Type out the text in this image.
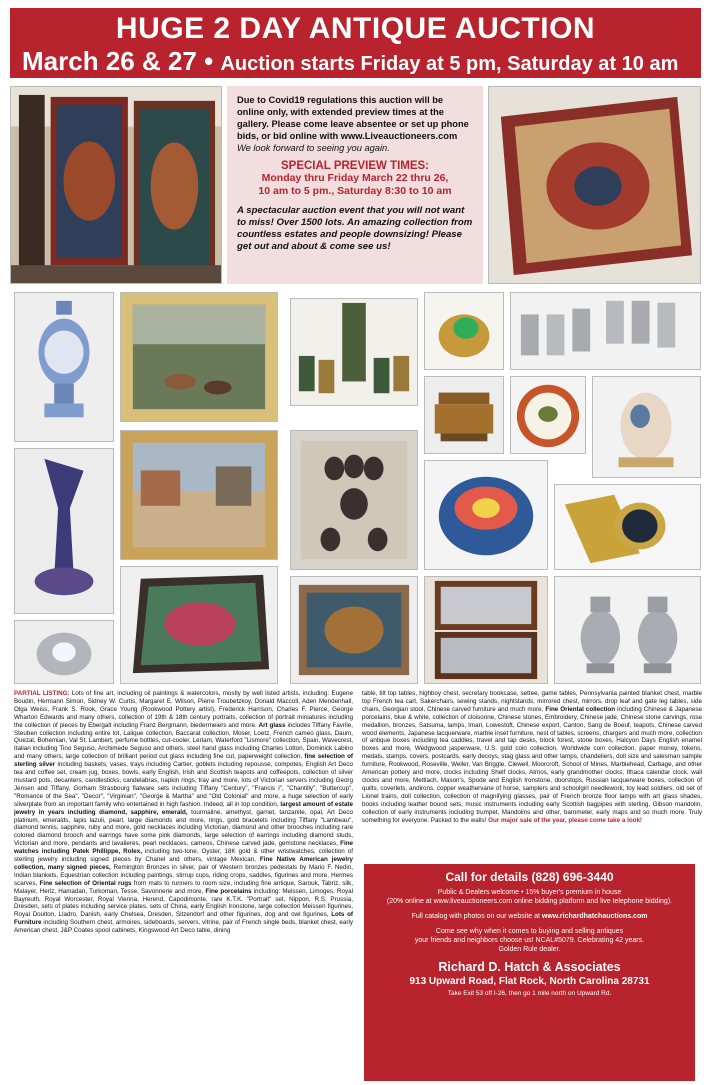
HUGE 2 DAY ANTIQUE AUCTION
March 26 & 27 • Auction starts Friday at 5 pm, Saturday at 10 am
Due to Covid19 regulations this auction will be online only, with extended preview times at the gallery. Please come leave absentee or set up phone bids, or bid online with www.Liveauctioneers.com
We look forward to seeing you again.
SPECIAL PREVIEW TIMES:
Monday thru Friday March 22 thru 26,
10 am to 5 pm., Saturday 8:30 to 10 am
A spectacular auction event that you will not want to miss! Over 1500 lots. An amazing collection from countless estates and people downsizing! Please get out and about & come see us!
PARTIAL LISTING: Lots of fine art, including oil paintings & watercolors, mostly by well listed artists, including: Eugene Boudin, Hermann Simon, Sidney W. Curtis, Margaret E. Wilson, Pierre Troubetzkoy, Donald Maccoll, Aden Mendenhall, Olga Weiss, Frank S. Rook, Grace Young (Rookwood Pottery artist), Frederick Harrison, Charles F. Pierce, George Wharton Edwards and many others, collection of 19th & 18th century portraits, collection of portrait miniatures including the collection of pieces by Ebergalt including Franz Bergmann, biedermeiers and more. Art glass includes Tiffany Favrile, Steuben collection including entire lot, Lalique collection, Baccarat collection, Moser, Loetz, French cameo glass, Daum, Quezal, Bohemian, Val St. Lambert, perfume bottles, cut-cooler, Lerlam, Waterford "Lismore" collection, Spain, Wavecrest, Italian including Tino Seguso, Archimede Seguso and others, steel hand glass including Charles Lotton, Dominick Labino and many others, large collection of brilliant period cut glass including fine cut, paperweight collection, fine selection of sterling silver including baskets, vases, trays including Cartier, goblets including repousse, compotes, English Art Deco tea and coffee set, cream jug, boxes, bowls, early English, Irish and Scottish teapots and coffeepots, collection of silver mustard pots, decanters, candlesticks, candelabras, napkin rings, tray and more, lots of Victorian servers including Georg Jensen and Tiffany, Gorham Strasbourg flatware sets including Tiffany "Century", "Francis I", "Chantilly", "Buttercup", "Romance of the Sea", "Decor", "Virginian", "George & Martha" and "Old Colonial" and more, a huge selection of early silverplate from an important family who entertained in high fashion. Indeed, all in top condition, largest amount of estate jewelry in years including diamond, sapphire, emerald, tourmaline, amethyst, garnet, tanzanite, opal, Art Deco platinum, emeralds, lapis lazuli, pearl, large diamonds and more, rings, gold bracelets including Tiffany "Lambeau", diamond tennis, sapphire, ruby and more, gold necklaces including Victorian, diamond and other brooches including rare colored diamond brooch and earrings have some pink diamonds, large selection of earrings including diamond studs, Victorian and more, pendants and lavalieres, pearl necklaces, cameos, Chinese carved jade, gemstone necklaces, Fine watches including Patek Phillippe, Rolex, including two-tone, Oyster, 18K gold & other wristwatches, collection of sterling jewelry including signed pieces by Chanel and others, vintage Mexican, Fine Native American jewelry collection, many signed pieces, Remington Bronzes in silver, pair of Western bronzes pedestals by Mario F. Nedin, Indian blankets, Equestrian collection including paintings, stirrup cups, riding crops, saddles, figurines and more, Hermes scarves, Fine selection of Oriental rugs from mats to runners to room size, including fine antique, Sarouk, Tabriz, silk, Malayer, Heriz, Hamadan, Turkoman, Tesse, Savonnerie and more, Fine porcelains including: Meissen, Limoges, Royal Bayreuth, Royal Worcester, Royal Vienna, Herend, Capodimonte, rare K.T.K. "Portrait" set, Nippon, R.S. Prussia, Dresden, sets of plates including service plates, sets of China, early English Ironstone, large collection Meissen figurines, Royal Doulton, Lladro, Danish, early Chelsea, Dresden, Sitzendorf and other figurines, dog and owl figurines, Lots of Furniture including Southern chest, armoires, sideboards, servers, vitrine, pair of French single beds, blanket chest, early American chest, J&P Coates spool cabinets, Kingswood Art Deco table, dining
table, tilt top tables, highboy chest, secretary bookcase, settee, game tables, Pennsylvania painted blanket chest, marble top French tea cart, Sakerchairs, sewing stands, nightstands, mirrored chest, mirrors, drop leaf and gate leg tables, side chairs, Georgian stool, Chinese carved furniture and much more, Fine Oriental collection including Chinese & Japanese porcelains, blue & white, collection of cloisonne, Chinese stones, Embroidery, Chinese jade, Chinese stone carvings, rose medallion, bronzes, Satsuma, lamps, Imari, Lowestoft, Chinese export, Canton, Sang de Boeuf, teapots, Chinese carved wood elements, Japanese lacquerware, marble inset furniture, nest of tables, screens, chargers and much more, collection of antique boxes including tea caddies, travel and tap desks, block forest, stone boxes, Halcyon Days English enamel boxes and more, Wedgwood jasperware, U.S. gold coin collection, Worldwide coin collection, paper money, tokens, medals, stamps, covers, postcards, early decoys, stag glass and other lamps, chandeliers, doll size and salesman sample furniture, Rookwood, Roseville, Weller, Van Briggle, Clewell, Moorcroft, School of Mines, Marblehead, Carbage, and other American pottery and more, clocks including Shelf clocks, Atmos, early grandmother clocks, Ithaca calendar clock, wall clocks and more, Mettlach, Mason's, Spode and English Ironstone, doorstops, Russian lacquerware boxes, collection of quilts, coverlets, andirons, copper weathervane of horse, samplers and schoolgirl needlework, toy lead soldiers, old set of Lionel trains, doll collection, collection of magnifying glasses, pair of French bronze floor lamps with art glass shades, books including leather bound sets, music instruments including early Scottish bagpipes with sterling, Gibson mandolin, collection of early instruments including trumpet, Mandolins and other, barometer, early maps and so much more. Truly something for everyone. Packed to the walls! Our major sale of the year, please come take a look!
Call for details (828) 696-3440
Public & Dealers welcome • 15% buyer's premium in house
(20% online at www.liveauctioneers.com online bidding platform and live telephone bidding).
Full catalog with photos on our website at www.richardhatchauctions.com
Come see why when it comes to buying and selling antiques
your friends and neighbors choose us! NCAL#5079. Celebrating 42 years.
Golden Rule dealer.
Richard D. Hatch & Associates
913 Upward Road, Flat Rock, North Carolina 28731
Take Exit 53 off I-26, then go 1 mile north on Upward Rd.
